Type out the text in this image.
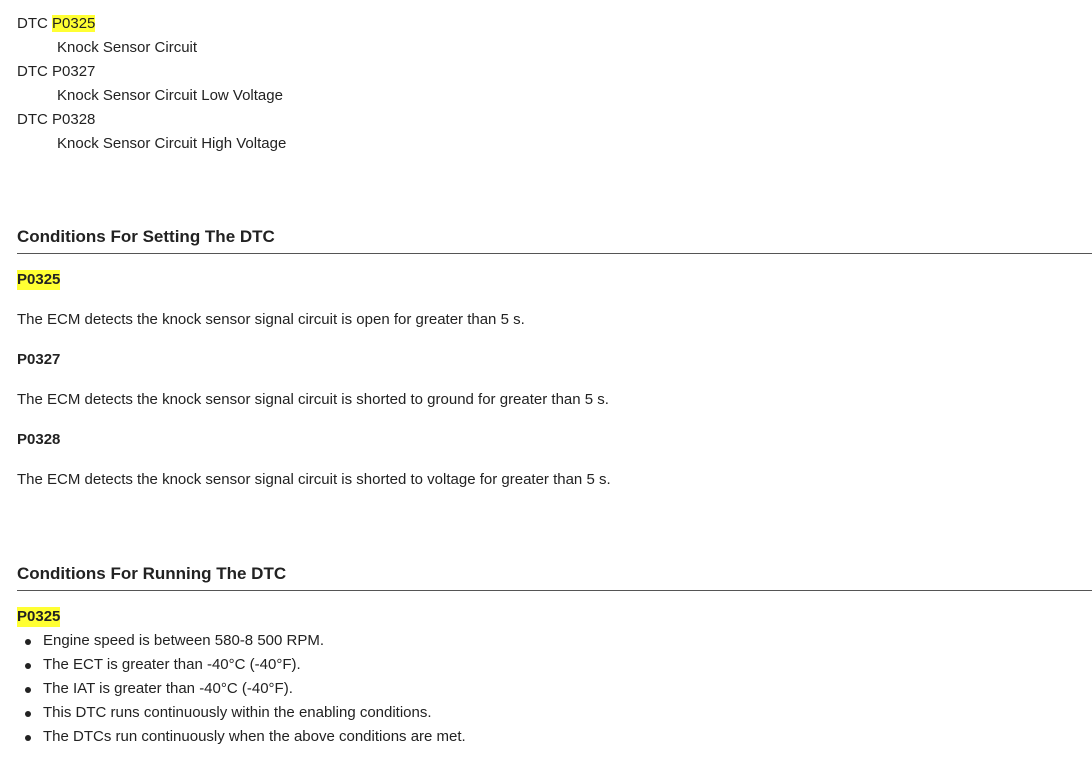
DTC P0325
Knock Sensor Circuit
DTC P0327
Knock Sensor Circuit Low Voltage
DTC P0328
Knock Sensor Circuit High Voltage
Conditions For Setting The DTC
P0325
The ECM detects the knock sensor signal circuit is open for greater than 5 s.
P0327
The ECM detects the knock sensor signal circuit is shorted to ground for greater than 5 s.
P0328
The ECM detects the knock sensor signal circuit is shorted to voltage for greater than 5 s.
Conditions For Running The DTC
P0325
Engine speed is between 580-8 500 RPM.
The ECT is greater than -40°C (-40°F).
The IAT is greater than -40°C (-40°F).
This DTC runs continuously within the enabling conditions.
The DTCs run continuously when the above conditions are met.
